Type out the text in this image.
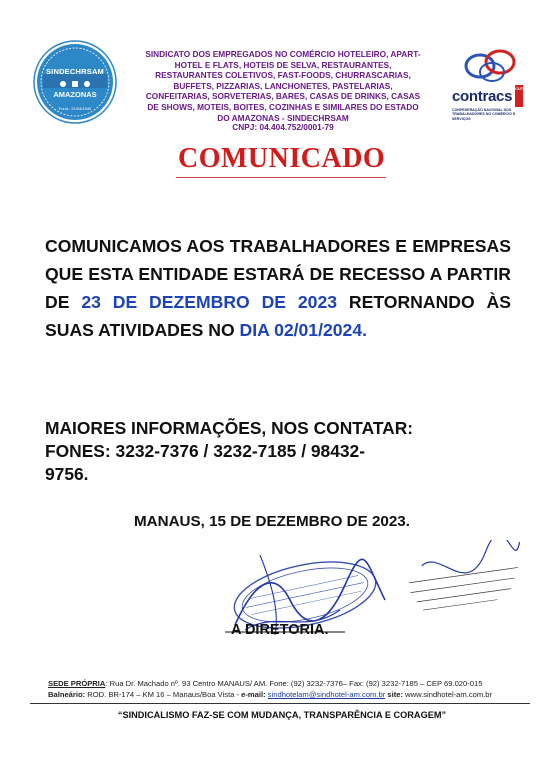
SINDECHRSAM
AMAZONAS
Fund.: 21/04/1949
SINDICATO DOS EMPREGADOS NO COMÉRCIO HOTELEIRO, APART-
HOTEL E FLATS, HOTEIS DE SELVA, RESTAURANTES,
RESTAURANTES COLETIVOS, FAST-FOODS, CHURRASCARIAS,
BUFFETS, PIZZARIAS, LANCHONETES, PASTELARIAS,
CONFEITARIAS, SORVETERIAS, BARES, CASAS DE DRINKS, CASAS
DE SHOWS, MOTEIS, BOITES, COZINHAS E SIMILARES DO ESTADO
DO AMAZONAS - SINDECHRSAM
CNPJ: 04.404.752/0001-79
contracs CUT
CONFEDERAÇÃO NACIONAL DOS TRABALHADORES NO COMÉRCIO E SERVIÇOS
COMUNICADO
COMUNICAMOS AOS TRABALHADORES E EMPRESAS QUE ESTA ENTIDADE ESTARÁ DE RECESSO A PARTIR DE 23 DE DEZEMBRO DE 2023 RETORNANDO ÀS SUAS ATIVIDADES NO DIA 02/01/2024.
MAIORES INFORMAÇÕES, NOS CONTATAR:
FONES: 3232-7376 / 3232-7185 / 98432-
9756.
MANAUS, 15 DE DEZEMBRO DE 2023.
A DIRETORIA.
SEDE PRÓPRIA: Rua Dr. Machado nº. 93 Centro MANAUS/ AM. Fone: (92) 3232-7376– Fax: (92) 3232-7185 – CEP 69.020-015
Balneário: ROD. BR-174 – KM 16 – Manaus/Boa Vista - e-mail: sindhotelam@sindhotel-am.com.br site: www.sindhotel-am.com.br
“SINDICALISMO FAZ-SE COM MUDANÇA, TRANSPARÊNCIA E CORAGEM”
